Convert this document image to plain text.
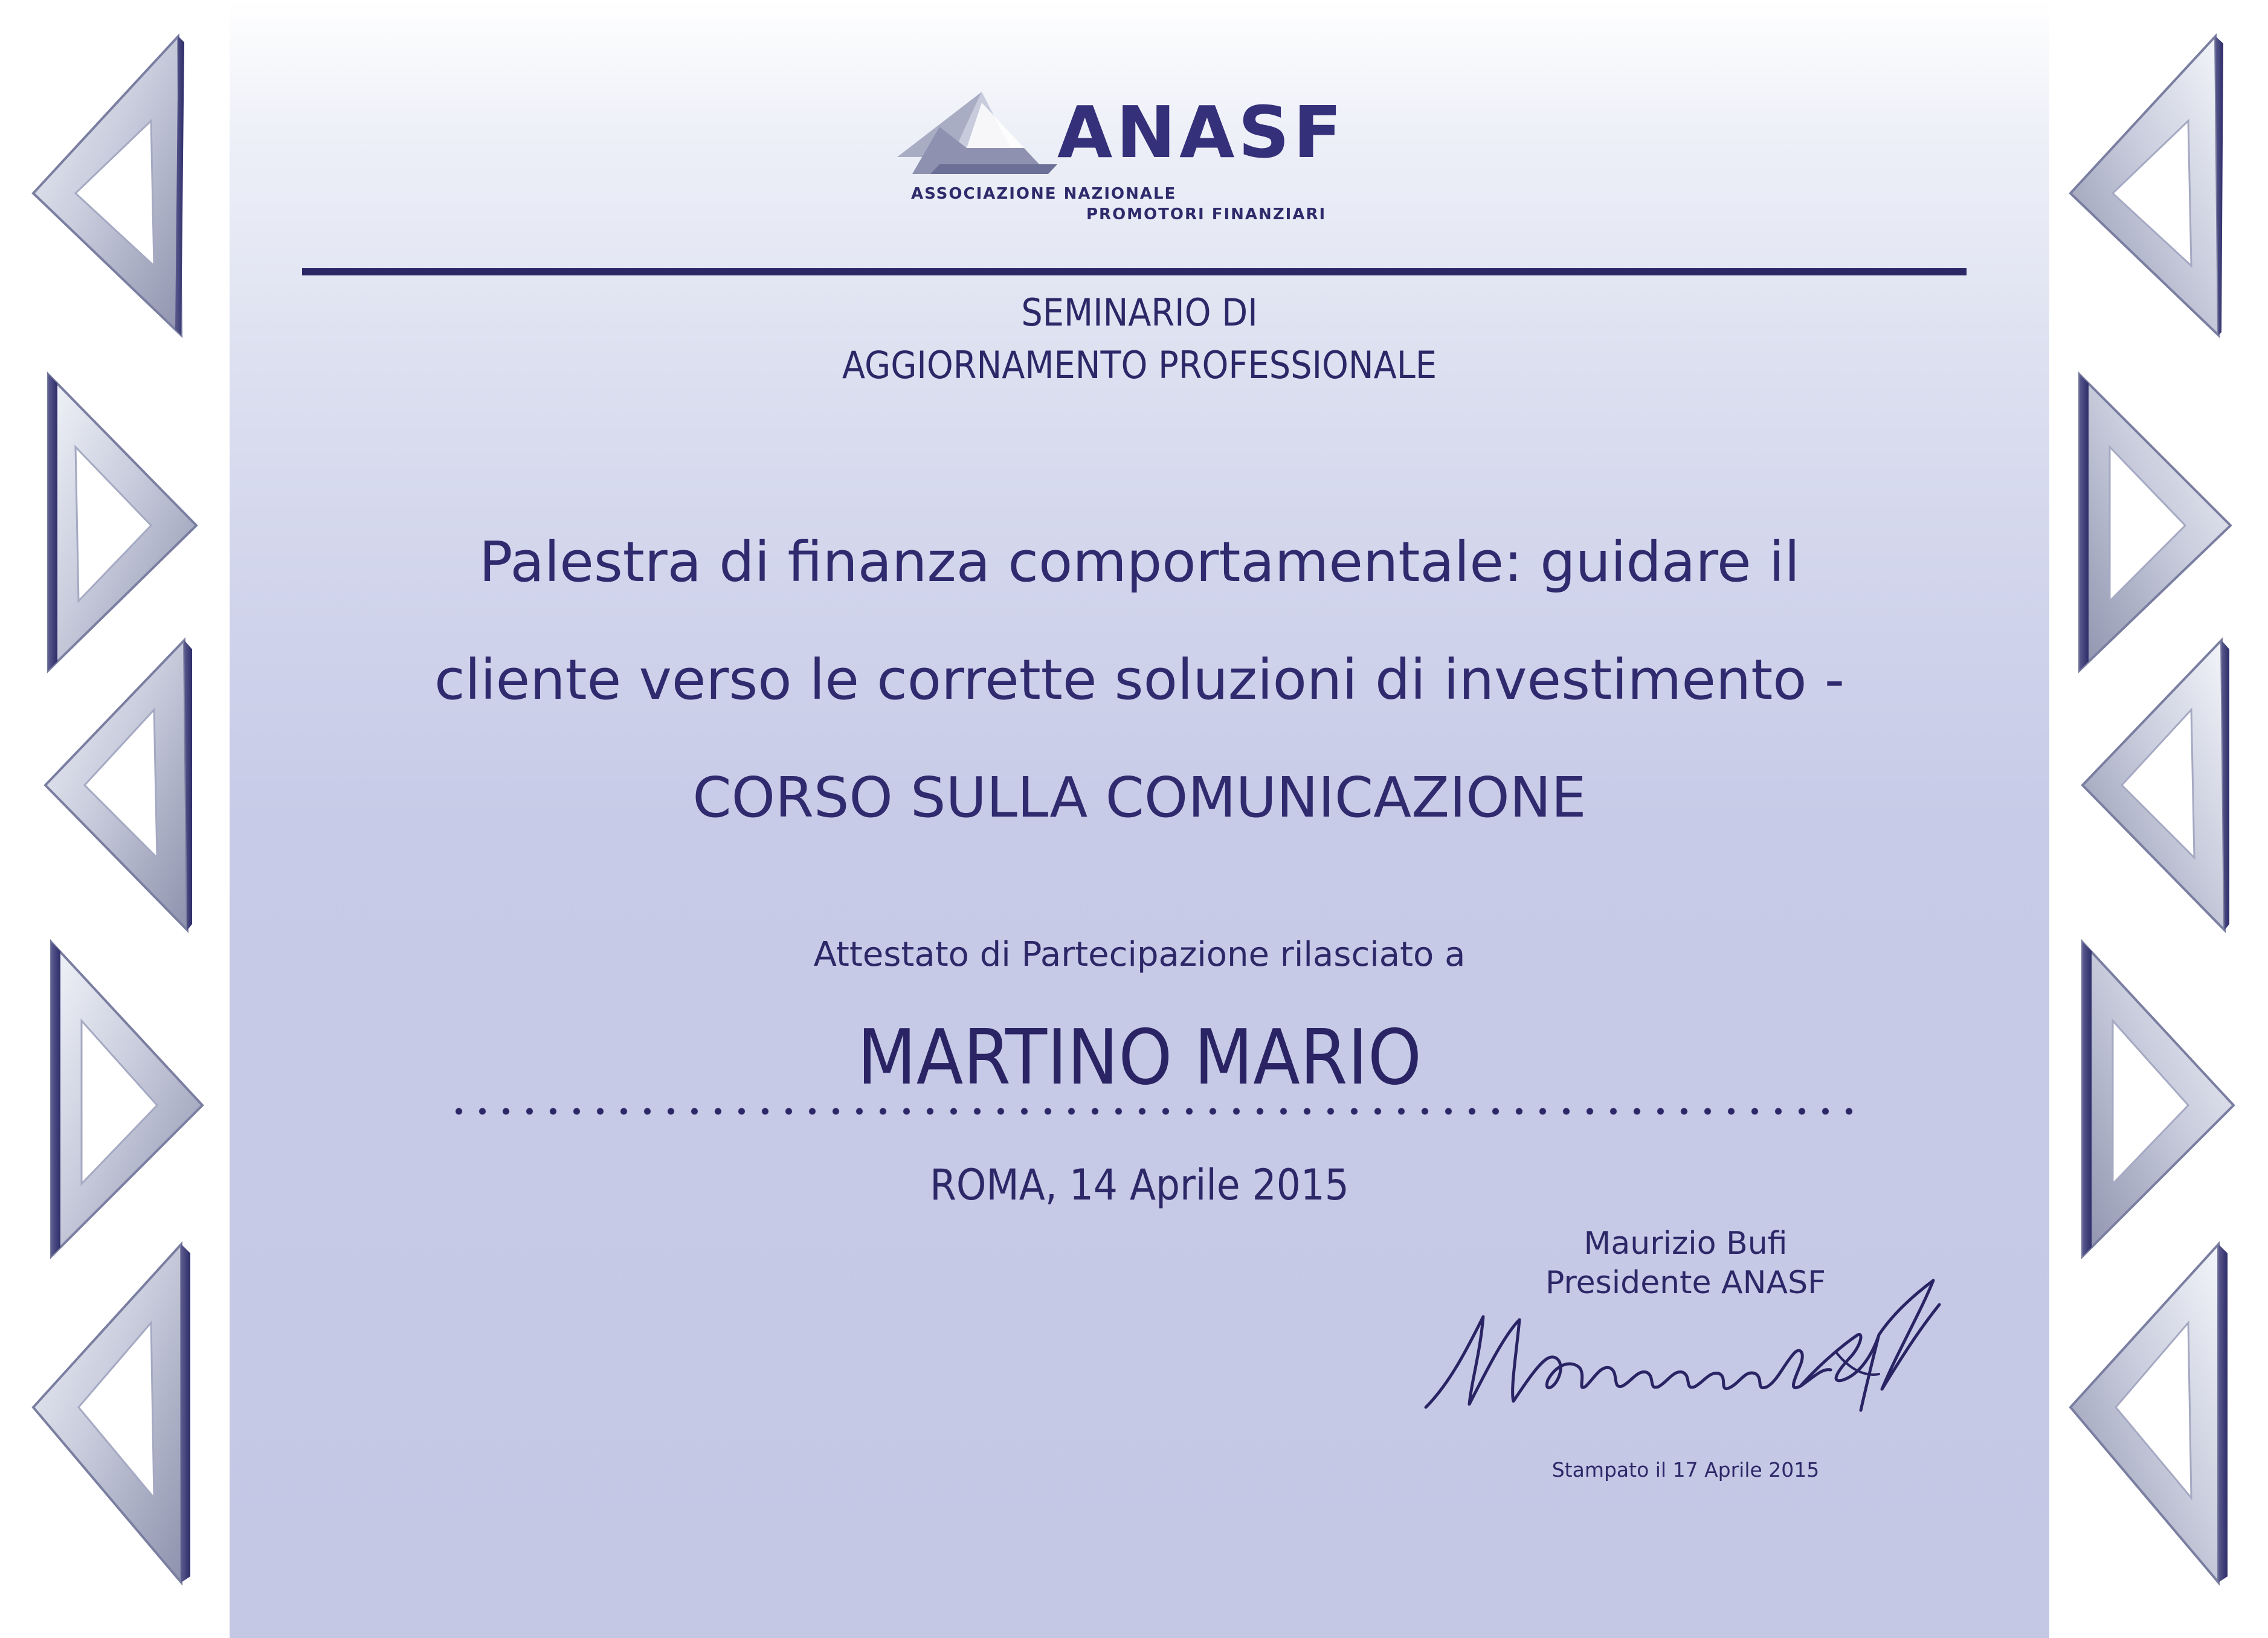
ANASF
ASSOCIAZIONE NAZIONALE
PROMOTORI FINANZIARI
SEMINARIO DI
AGGIORNAMENTO PROFESSIONALE
Palestra di finanza comportamentale: guidare il
cliente verso le corrette soluzioni di investimento -
CORSO SULLA COMUNICAZIONE
Attestato di Partecipazione rilasciato a
MARTINO MARIO
ROMA, 14 Aprile 2015
Maurizio Bufi
Presidente ANASF
Stampato il 17 Aprile 2015
